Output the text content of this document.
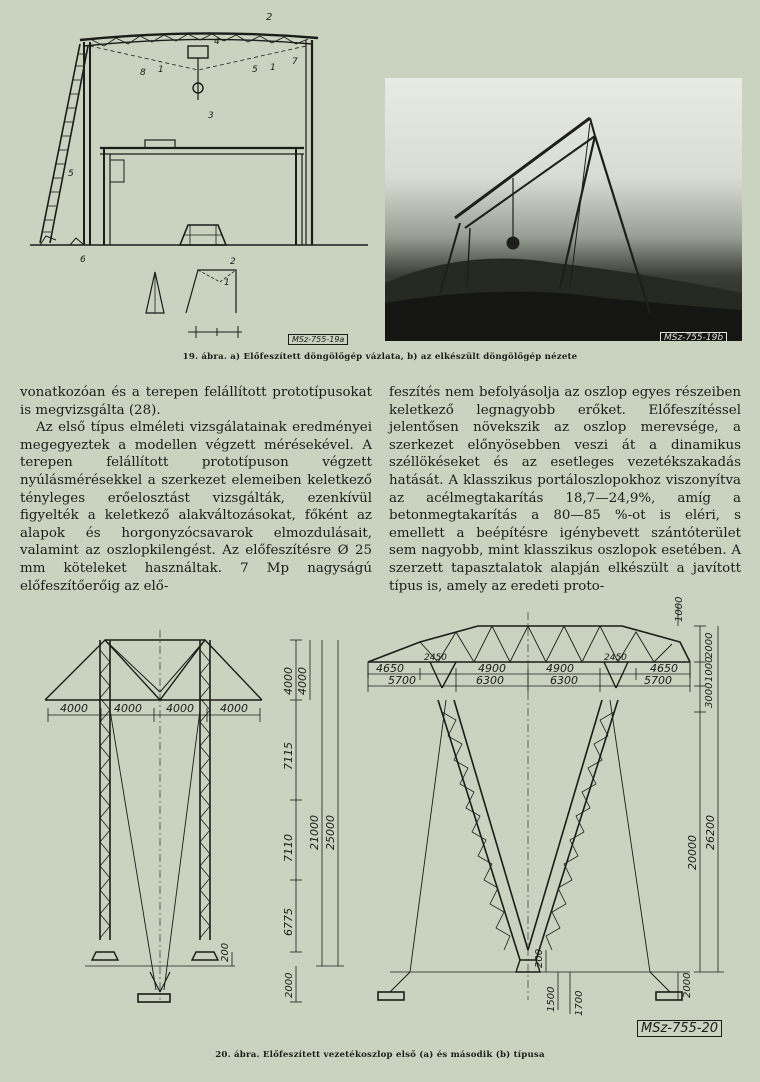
2
4
8 1	5 1
7
3
5
6	2
1
MSz-755-19a	MSz-755-19b
19. ábra. a) Előfeszített döngölőgép vázlata, b) az elkészült döngölőgép nézete

vonatkozóan és a terepen felállított prototípusokat is megvizsgálta (28).

Az első típus elméleti vizsgálatainak eredményei megegyeztek a modellen végzett mérésekével. A terepen felállított prototípuson végzett nyúlásmérésekkel a szerkezet elemeiben keletkező tényleges erőelosztást vizsgálták, ezenkívül figyelték a keletkező alakváltozásokat, főként az alapok és horgonyzócsavarok elmozdulásait, valamint az oszlopkilengést. Az előfeszítésre Ø 25 mm köteleket használtak. 7 Mp nagyságú előfeszítőerőig az elő-

feszítés nem befolyásolja az oszlop egyes részeiben keletkező legnagyobb erőket. Előfeszítéssel jelentősen növekszik az oszlop merevsége, a szerkezet előnyösebben veszi át a dinamikus széllökéseket és az esetleges vezetékszakadás hatását. A klasszikus portáloszlopokhoz viszonyítva az acélmegtakarítás 18,7—24,9%, amíg a betonmegtakarítás a 80—85 %-ot is eléri, s emellett a beépítésre igénybevett szántóterület sem nagyobb, mint klasszikus oszlopok esetében. A szerzett tapasztalatok alapján elkészült a javított típus is, amely az eredeti proto-

4000 4000 4000 4000
4000 4000
7115
7110
6775
21000 25000
200
2000
2450	2450
4650	4900	4900	4650
5700	6300	6300	5700
1000
2000
1000
3000
20000
26200
200
1500 1700
2000
MSz-755-20
20. ábra. Előfeszített vezetékoszlop első (a) és második (b) típusa
